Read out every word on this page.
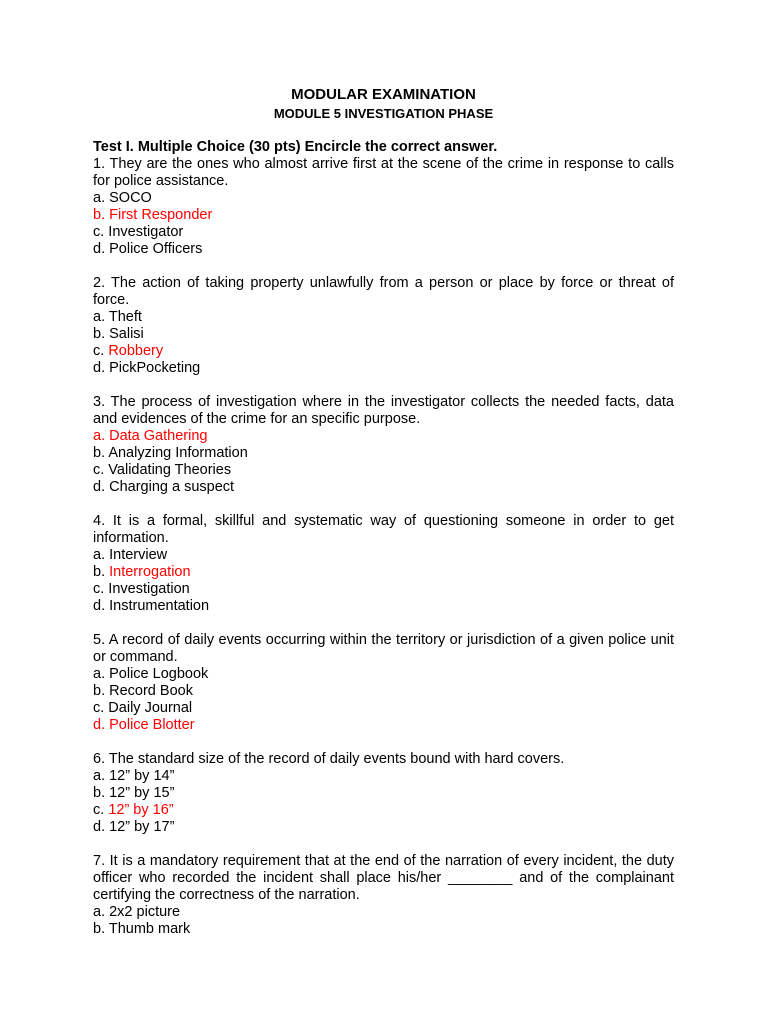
MODULAR EXAMINATION

MODULE 5 INVESTIGATION PHASE

Test I. Multiple Choice (30 pts) Encircle the correct answer.

1. They are the ones who almost arrive first at the scene of the crime in response to calls for police assistance.

a. SOCO

b. First Responder

c. Investigator

d. Police Officers

2. The action of taking property unlawfully from a person or place by force or threat of force.

a. Theft

b. Salisi

c. Robbery

d. PickPocketing

3. The process of investigation where in the investigator collects the needed facts, data and evidences of the crime for an specific purpose.

a. Data Gathering

b. Analyzing Information

c. Validating Theories

d. Charging a suspect

4. It is a formal, skillful and systematic way of questioning someone in order to get information.

a. Interview

b. Interrogation

c. Investigation

d. Instrumentation

5. A record of daily events occurring within the territory or jurisdiction of a given police unit or command.

a. Police Logbook

b. Record Book

c. Daily Journal

d. Police Blotter

6. The standard size of the record of daily events bound with hard covers.

a. 12” by 14”

b. 12” by 15”

c. 12” by 16”

d. 12” by 17”

7. It is a mandatory requirement that at the end of the narration of every incident, the duty officer who recorded the incident shall place his/her ________ and of the complainant certifying the correctness of the narration.

a. 2x2 picture

b. Thumb mark
